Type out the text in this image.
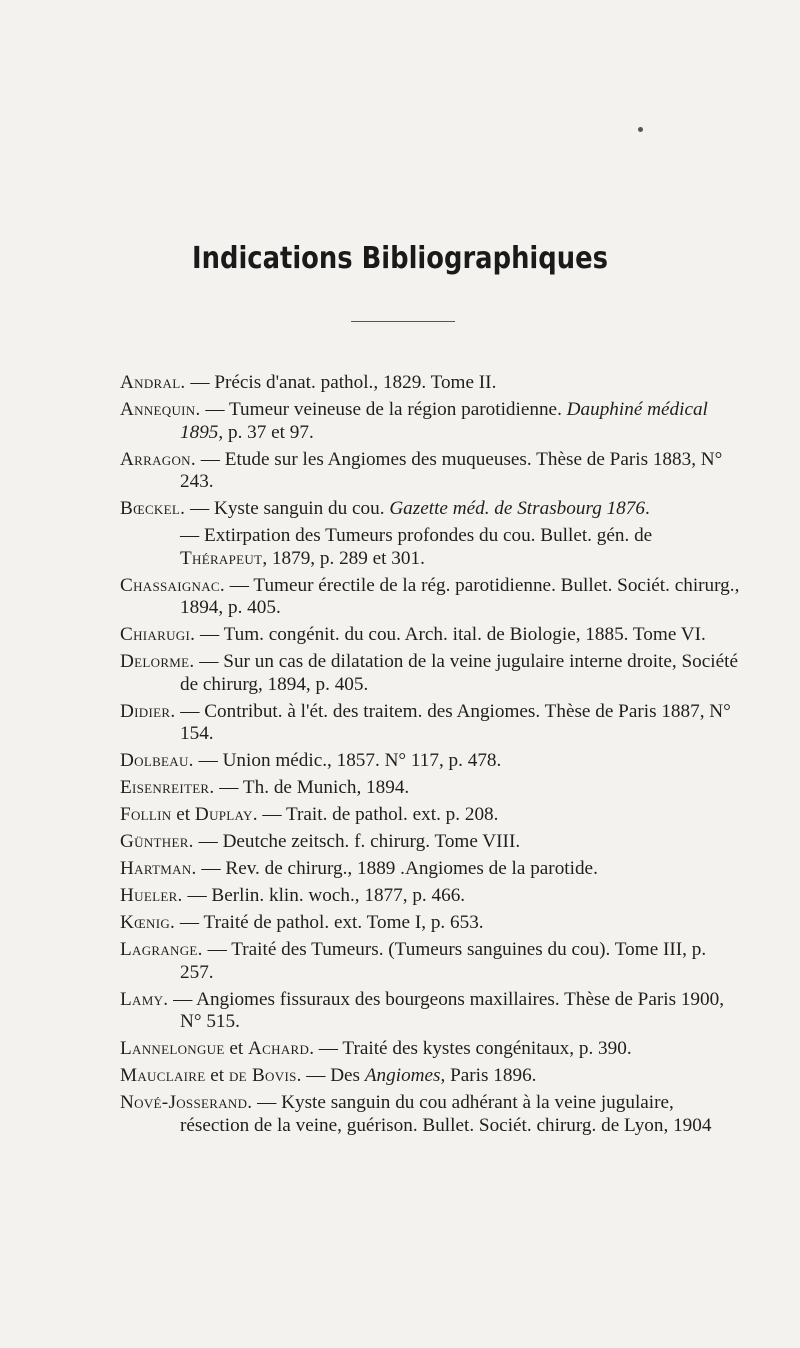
Indications Bibliographiques
Andral. — Précis d'anat. pathol., 1829. Tome II.
Annequin. — Tumeur veineuse de la région parotidienne. Dauphiné médical 1895, p. 37 et 97.
Arragon. — Etude sur les Angiomes des muqueuses. Thèse de Paris 1883, N° 243.
Bœckel. — Kyste sanguin du cou. Gazette méd. de Strasbourg 1876.
— Extirpation des Tumeurs profondes du cou. Bullet. gén. de Thérapeut, 1879, p. 289 et 301.
Chassaignac. — Tumeur érectile de la rég. parotidienne. Bullet. Sociét. chirurg., 1894, p. 405.
Chiarugi. — Tum. congénit. du cou. Arch. ital. de Biologie, 1885. Tome VI.
Delorme. — Sur un cas de dilatation de la veine jugulaire interne droite, Société de chirurg, 1894, p. 405.
Didier. — Contribut. à l'ét. des traitem. des Angiomes. Thèse de Paris 1887, N° 154.
Dolbeau. — Union médic., 1857. N° 117, p. 478.
Eisenreiter. — Th. de Munich, 1894.
Follin et Duplay. — Trait. de pathol. ext. p. 208.
Günther. — Deutche zeitsch. f. chirurg. Tome VIII.
Hartman. — Rev. de chirurg., 1889 .Angiomes de la parotide.
Hueler. — Berlin. klin. woch., 1877, p. 466.
Kœnig. — Traité de pathol. ext. Tome I, p. 653.
Lagrange. — Traité des Tumeurs. (Tumeurs sanguines du cou). Tome III, p. 257.
Lamy. — Angiomes fissuraux des bourgeons maxillaires. Thèse de Paris 1900, N° 515.
Lannelongue et Achard. — Traité des kystes congénitaux, p. 390.
Mauclaire et de Bovis. — Des Angiomes, Paris 1896.
Nové-Josserand. — Kyste sanguin du cou adhérant à la veine jugulaire, résection de la veine, guérison. Bullet. Sociét. chirurg. de Lyon, 1904
